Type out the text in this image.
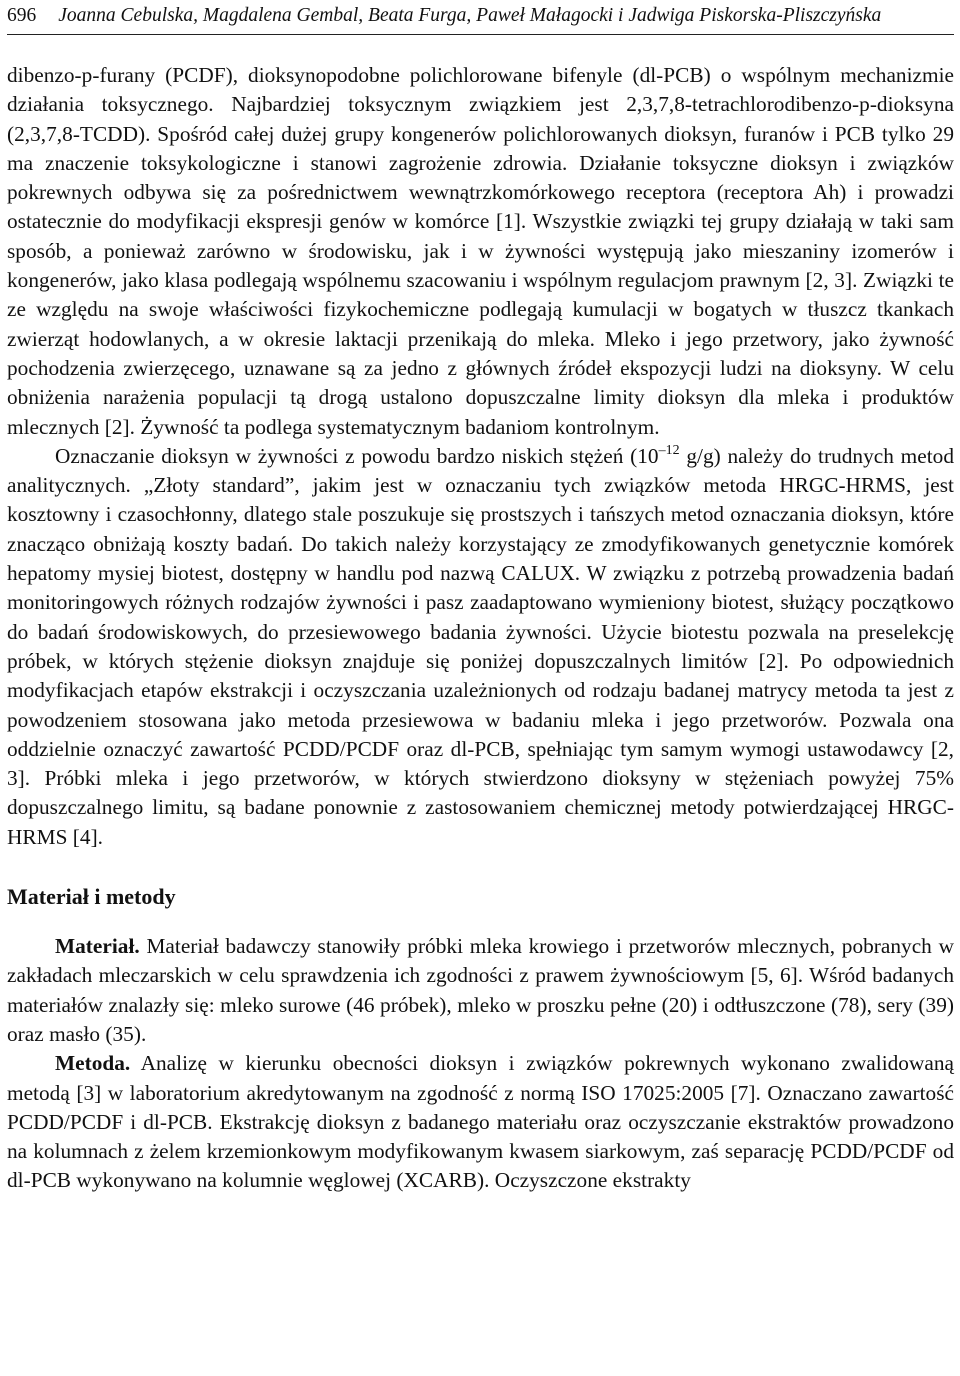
696 Joanna Cebulska, Magdalena Gembal, Beata Furga, Paweł Małagocki i Jadwiga Piskorska-Pliszczyńska

dibenzo-p-furany (PCDF), dioksynopodobne polichlorowane bifenyle (dl-PCB) o wspólnym mechanizmie działania toksycznego. Najbardziej toksycznym związkiem jest 2,3,7,8-tetrachlorodibenzo-p-dioksyna (2,3,7,8-TCDD). Spośród całej dużej grupy kongenerów polichlorowanych dioksyn, furanów i PCB tylko 29 ma znaczenie toksykologiczne i stanowi zagrożenie zdrowia. Działanie toksyczne dioksyn i związków pokrewnych odbywa się za pośrednictwem wewnątrzkomórkowego receptora (receptora Ah) i prowadzi ostatecznie do modyfikacji ekspresji genów w komórce [1]. Wszystkie związki tej grupy działają w taki sam sposób, a ponieważ zarówno w środowisku, jak i w żywności występują jako mieszaniny izomerów i kongenerów, jako klasa podlegają wspólnemu szacowaniu i wspólnym regulacjom prawnym [2, 3]. Związki te ze względu na swoje właściwości fizykochemiczne podlegają kumulacji w bogatych w tłuszcz tkankach zwierząt hodowlanych, a w okresie laktacji przenikają do mleka. Mleko i jego przetwory, jako żywność pochodzenia zwierzęcego, uznawane są za jedno z głównych źródeł ekspozycji ludzi na dioksyny. W celu obniżenia narażenia populacji tą drogą ustalono dopuszczalne limity dioksyn dla mleka i produktów mlecznych [2]. Żywność ta podlega systematycznym badaniom kontrolnym.

Oznaczanie dioksyn w żywności z powodu bardzo niskich stężeń ($10^{-12}$ g/g) należy do trudnych metod analitycznych. „Złoty standard”, jakim jest w oznaczaniu tych związków metoda HRGC-HRMS, jest kosztowny i czasochłonny, dlatego stale poszukuje się prostszych i tańszych metod oznaczania dioksyn, które znacząco obniżają koszty badań. Do takich należy korzystający ze zmodyfikowanych genetycznie komórek hepatomy mysiej biotest, dostępny w handlu pod nazwą CALUX. W związku z potrzebą prowadzenia badań monitoringowych różnych rodzajów żywności i pasz zaadaptowano wymieniony biotest, służący początkowo do badań środowiskowych, do przesiewowego badania żywności. Użycie biotestu pozwala na preselekcję próbek, w których stężenie dioksyn znajduje się poniżej dopuszczalnych limitów [2]. Po odpowiednich modyfikacjach etapów ekstrakcji i oczyszczania uzależnionych od rodzaju badanej matrycy metoda ta jest z powodzeniem stosowana jako metoda przesiewowa w badaniu mleka i jego przetworów. Pozwala ona oddzielnie oznaczyć zawartość PCDD/PCDF oraz dl-PCB, spełniając tym samym wymogi ustawodawcy [2, 3]. Próbki mleka i jego przetworów, w których stwierdzono dioksyny w stężeniach powyżej 75% dopuszczalnego limitu, są badane ponownie z zastosowaniem chemicznej metody potwierdzającej HRGC-HRMS [4].

Materiał i metody

Materiał. Materiał badawczy stanowiły próbki mleka krowiego i przetworów mlecznych, pobranych w zakładach mleczarskich w celu sprawdzenia ich zgodności z prawem żywnościowym [5, 6]. Wśród badanych materiałów znalazły się: mleko surowe (46 próbek), mleko w proszku pełne (20) i odtłuszczone (78), sery (39) oraz masło (35).

Metoda. Analizę w kierunku obecności dioksyn i związków pokrewnych wykonano zwalidowaną metodą [3] w laboratorium akredytowanym na zgodność z normą ISO 17025:2005 [7]. Oznaczano zawartość PCDD/PCDF i dl-PCB. Ekstrakcję dioksyn z badanego materiału oraz oczyszczanie ekstraktów prowadzono na kolumnach z żelem krzemionkowym modyfikowanym kwasem siarkowym, zaś separację PCDD/PCDF od dl-PCB wykonywano na kolumnie węglowej (XCARB). Oczyszczone ekstrakty
